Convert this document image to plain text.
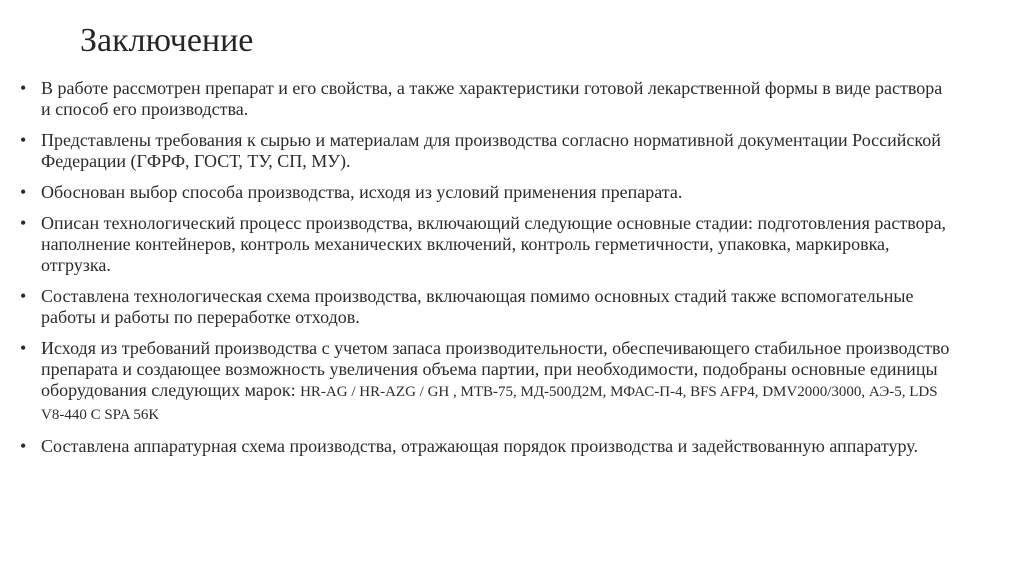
Заключение
• В работе рассмотрен препарат и его свойства, а также характеристики готовой лекарственной формы в виде раствора и способ его производства.
• Представлены требования к сырью и материалам для производства согласно нормативной документации Российской Федерации (ГФРФ, ГОСТ, ТУ, СП, МУ).
• Обоснован выбор способа производства, исходя из условий применения препарата.
• Описан технологический процесс производства, включающий следующие основные стадии: подготовления раствора, наполнение контейнеров, контроль механических включений, контроль герметичности, упаковка, маркировка, отгрузка.
• Составлена технологическая схема производства, включающая помимо основных стадий также вспомогательные работы и работы по переработке отходов.
• Исходя из требований производства с учетом запаса производительности, обеспечивающего стабильное производство препарата и создающее возможность увеличения объема партии, при необходимости, подобраны основные единицы оборудования следующих марок: HR-AG / HR-AZG / GH , МТВ-75, МД-500Д2М, МФАС-П-4, BFS AFP4, DMV2000/3000, АЭ-5, LDS V8-440 С SPA 56K
• Составлена аппаратурная схема производства, отражающая порядок производства и задействованную аппаратуру.
